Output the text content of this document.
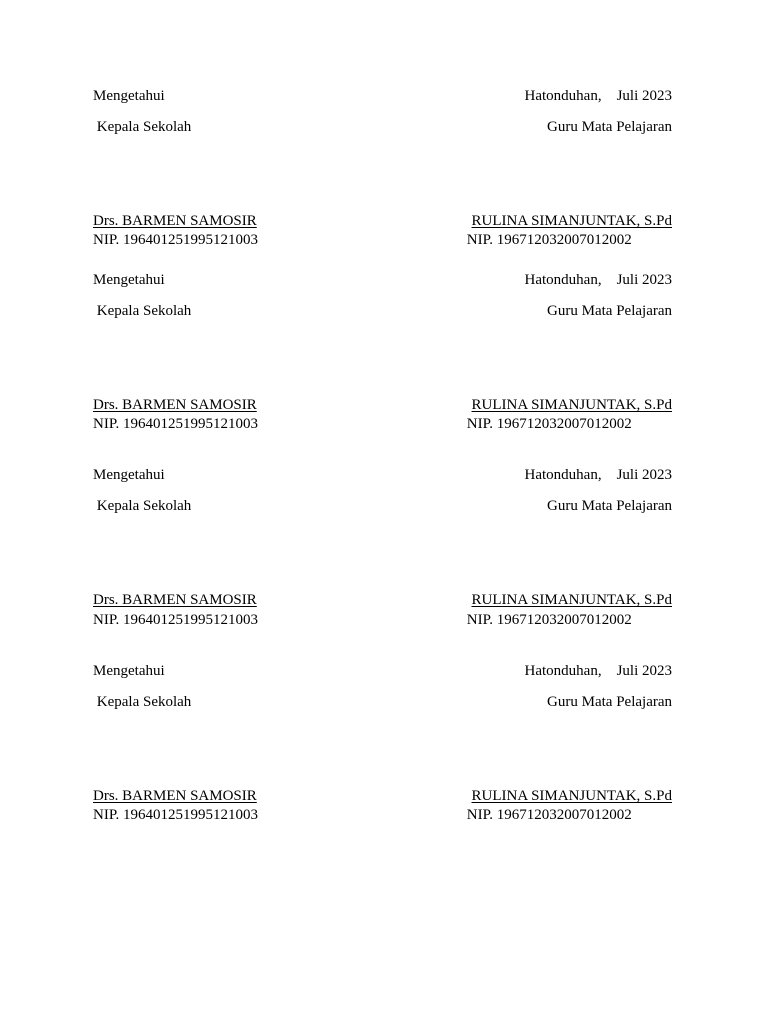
Mengetahui	Hatonduhan,    Juli 2023
Kepala Sekolah	Guru Mata Pelajaran
Drs. BARMEN SAMOSIR	RULINA SIMANJUNTAK, S.Pd
NIP. 196401251995121003	NIP. 196712032007012002
Mengetahui	Hatonduhan,    Juli 2023
Kepala Sekolah	Guru Mata Pelajaran
Drs. BARMEN SAMOSIR	RULINA SIMANJUNTAK, S.Pd
NIP. 196401251995121003	NIP. 196712032007012002
Mengetahui	Hatonduhan,    Juli 2023
Kepala Sekolah	Guru Mata Pelajaran
Drs. BARMEN SAMOSIR	RULINA SIMANJUNTAK, S.Pd
NIP. 196401251995121003	NIP. 196712032007012002
Mengetahui	Hatonduhan,    Juli 2023
Kepala Sekolah	Guru Mata Pelajaran
Drs. BARMEN SAMOSIR	RULINA SIMANJUNTAK, S.Pd
NIP. 196401251995121003	NIP. 196712032007012002
